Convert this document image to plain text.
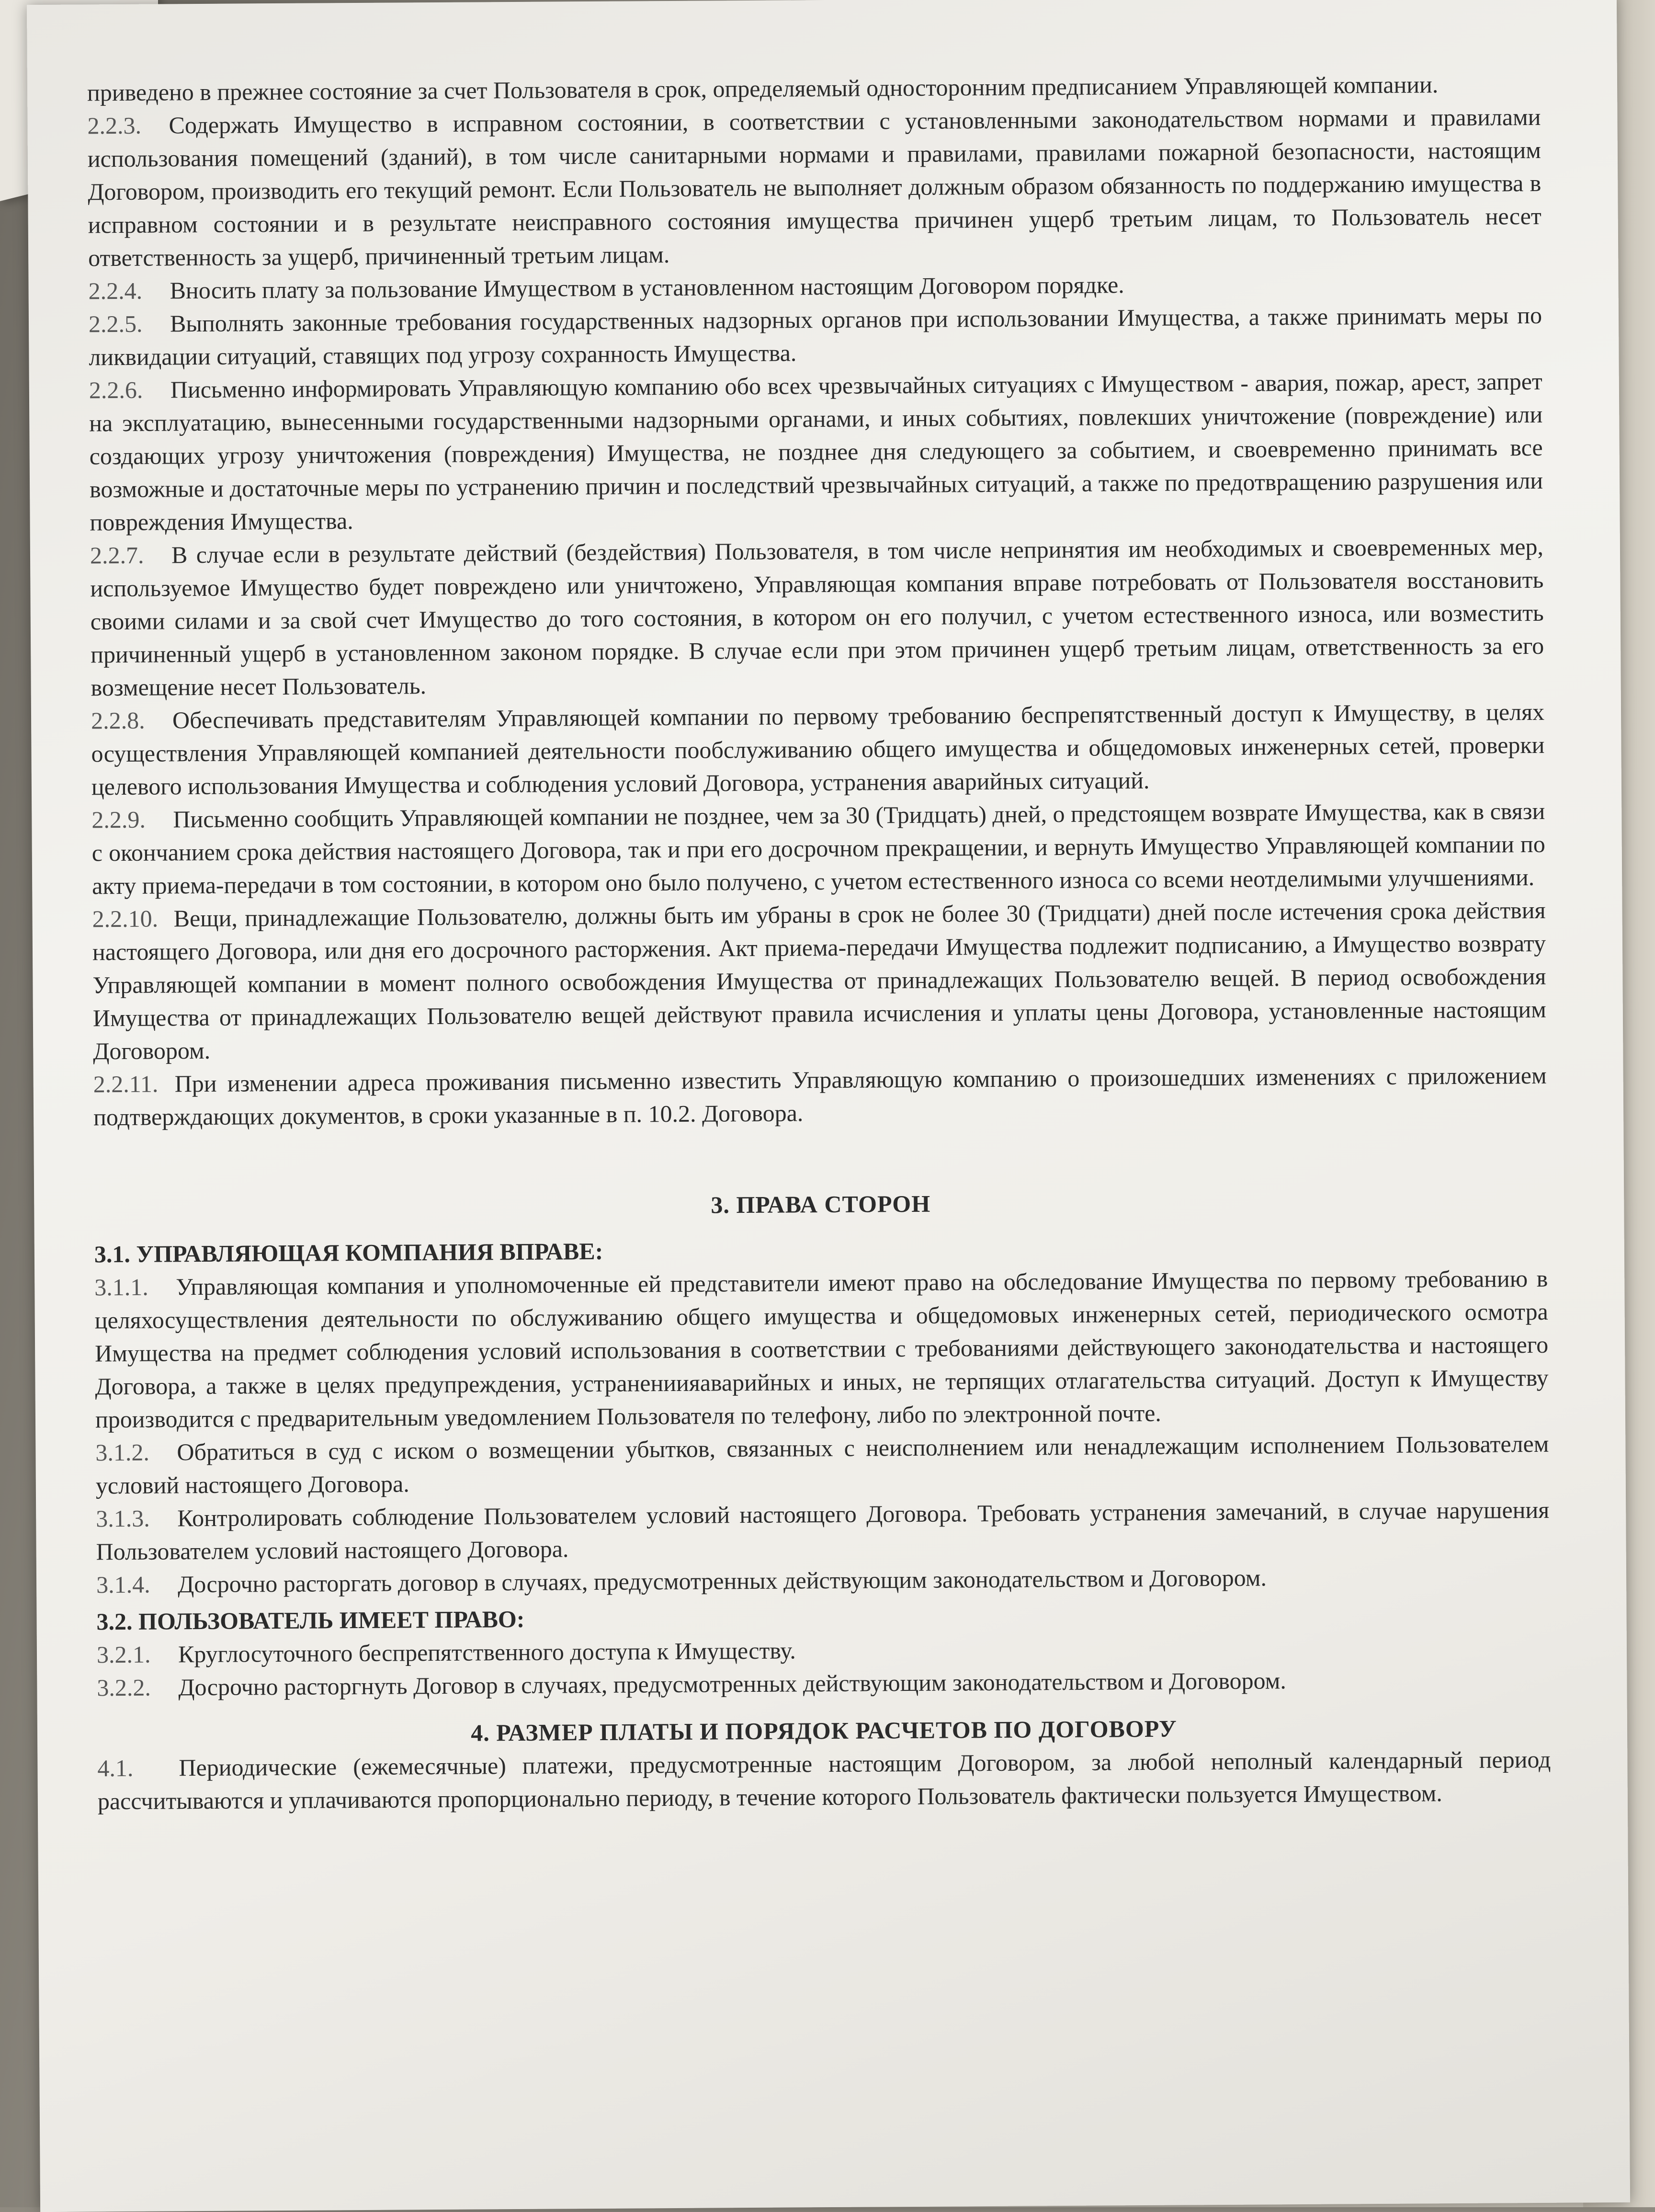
приведено в прежнее состояние за счет Пользователя в срок, определяемый односторонним предписанием Управляющей компании.

2.2.3. Содержать Имущество в исправном состоянии, в соответствии с установленными законодательством нормами и правилами использования помещений (зданий), в том числе санитарными нормами и правилами, правилами пожарной безопасности, настоящим Договором, производить его текущий ремонт. Если Пользователь не выполняет должным образом обязанность по поддержанию имущества в исправном состоянии и в результате неисправного состояния имущества причинен ущерб третьим лицам, то Пользователь несет ответственность за ущерб, причиненный третьим лицам.

2.2.4. Вносить плату за пользование Имуществом в установленном настоящим Договором порядке.

2.2.5. Выполнять законные требования государственных надзорных органов при использовании Имущества, а также принимать меры по ликвидации ситуаций, ставящих под угрозу сохранность Имущества.

2.2.6. Письменно информировать Управляющую компанию обо всех чрезвычайных ситуациях с Имуществом - авария, пожар, арест, запрет на эксплуатацию, вынесенными государственными надзорными органами, и иных событиях, повлекших уничтожение (повреждение) или создающих угрозу уничтожения (повреждения) Имущества, не позднее дня следующего за событием, и своевременно принимать все возможные и достаточные меры по устранению причин и последствий чрезвычайных ситуаций, а также по предотвращению разрушения или повреждения Имущества.

2.2.7. В случае если в результате действий (бездействия) Пользователя, в том числе непринятия им необходимых и своевременных мер, используемое Имущество будет повреждено или уничтожено, Управляющая компания вправе потребовать от Пользователя восстановить своими силами и за свой счет Имущество до того состояния, в котором он его получил, с учетом естественного износа, или возместить причиненный ущерб в установленном законом порядке. В случае если при этом причинен ущерб третьим лицам, ответственность за его возмещение несет Пользователь.

2.2.8. Обеспечивать представителям Управляющей компании по первому требованию беспрепятственный доступ к Имуществу, в целях осуществления Управляющей компанией деятельности пообслуживанию общего имущества и общедомовых инженерных сетей, проверки целевого использования Имущества и соблюдения условий Договора, устранения аварийных ситуаций.

2.2.9. Письменно сообщить Управляющей компании не позднее, чем за 30 (Тридцать) дней, о предстоящем возврате Имущества, как в связи с окончанием срока действия настоящего Договора, так и при его досрочном прекращении, и вернуть Имущество Управляющей компании по акту приема-передачи в том состоянии, в котором оно было получено, с учетом естественного износа со всеми неотделимыми улучшениями.

2.2.10. Вещи, принадлежащие Пользователю, должны быть им убраны в срок не более 30 (Тридцати) дней после истечения срока действия настоящего Договора, или дня его досрочного расторжения. Акт приема-передачи Имущества подлежит подписанию, а Имущество возврату Управляющей компании в момент полного освобождения Имущества от принадлежащих Пользователю вещей. В период освобождения Имущества от принадлежащих Пользователю вещей действуют правила исчисления и уплаты цены Договора, установленные настоящим Договором.

2.2.11. При изменении адреса проживания письменно известить Управляющую компанию о произошедших изменениях с приложением подтверждающих документов, в сроки указанные в п. 10.2. Договора.

3. ПРАВА СТОРОН

3.1. УПРАВЛЯЮЩАЯ КОМПАНИЯ ВПРАВЕ:

3.1.1. Управляющая компания и уполномоченные ей представители имеют право на обследование Имущества по первому требованию в целяхосуществления деятельности по обслуживанию общего имущества и общедомовых инженерных сетей, периодического осмотра Имущества на предмет соблюдения условий использования в соответствии с требованиями действующего законодательства и настоящего Договора, а также в целях предупреждения, устранениияаварийных и иных, не терпящих отлагательства ситуаций. Доступ к Имуществу производится с предварительным уведомлением Пользователя по телефону, либо по электронной почте.

3.1.2. Обратиться в суд с иском о возмещении убытков, связанных с неисполнением или ненадлежащим исполнением Пользователем условий настоящего Договора.

3.1.3. Контролировать соблюдение Пользователем условий настоящего Договора. Требовать устранения замечаний, в случае нарушения Пользователем условий настоящего Договора.

3.1.4. Досрочно расторгать договор в случаях, предусмотренных действующим законодательством и Договором.

3.2. ПОЛЬЗОВАТЕЛЬ ИМЕЕТ ПРАВО:

3.2.1. Круглосуточного беспрепятственного доступа к Имуществу.

3.2.2. Досрочно расторгнуть Договор в случаях, предусмотренных действующим законодательством и Договором.

4. РАЗМЕР ПЛАТЫ И ПОРЯДОК РАСЧЕТОВ ПО ДОГОВОРУ

4.1. Периодические (ежемесячные) платежи, предусмотренные настоящим Договором, за любой неполный календарный период рассчитываются и уплачиваются пропорционально периоду, в течение которого Пользователь фактически пользуется Имуществом.
